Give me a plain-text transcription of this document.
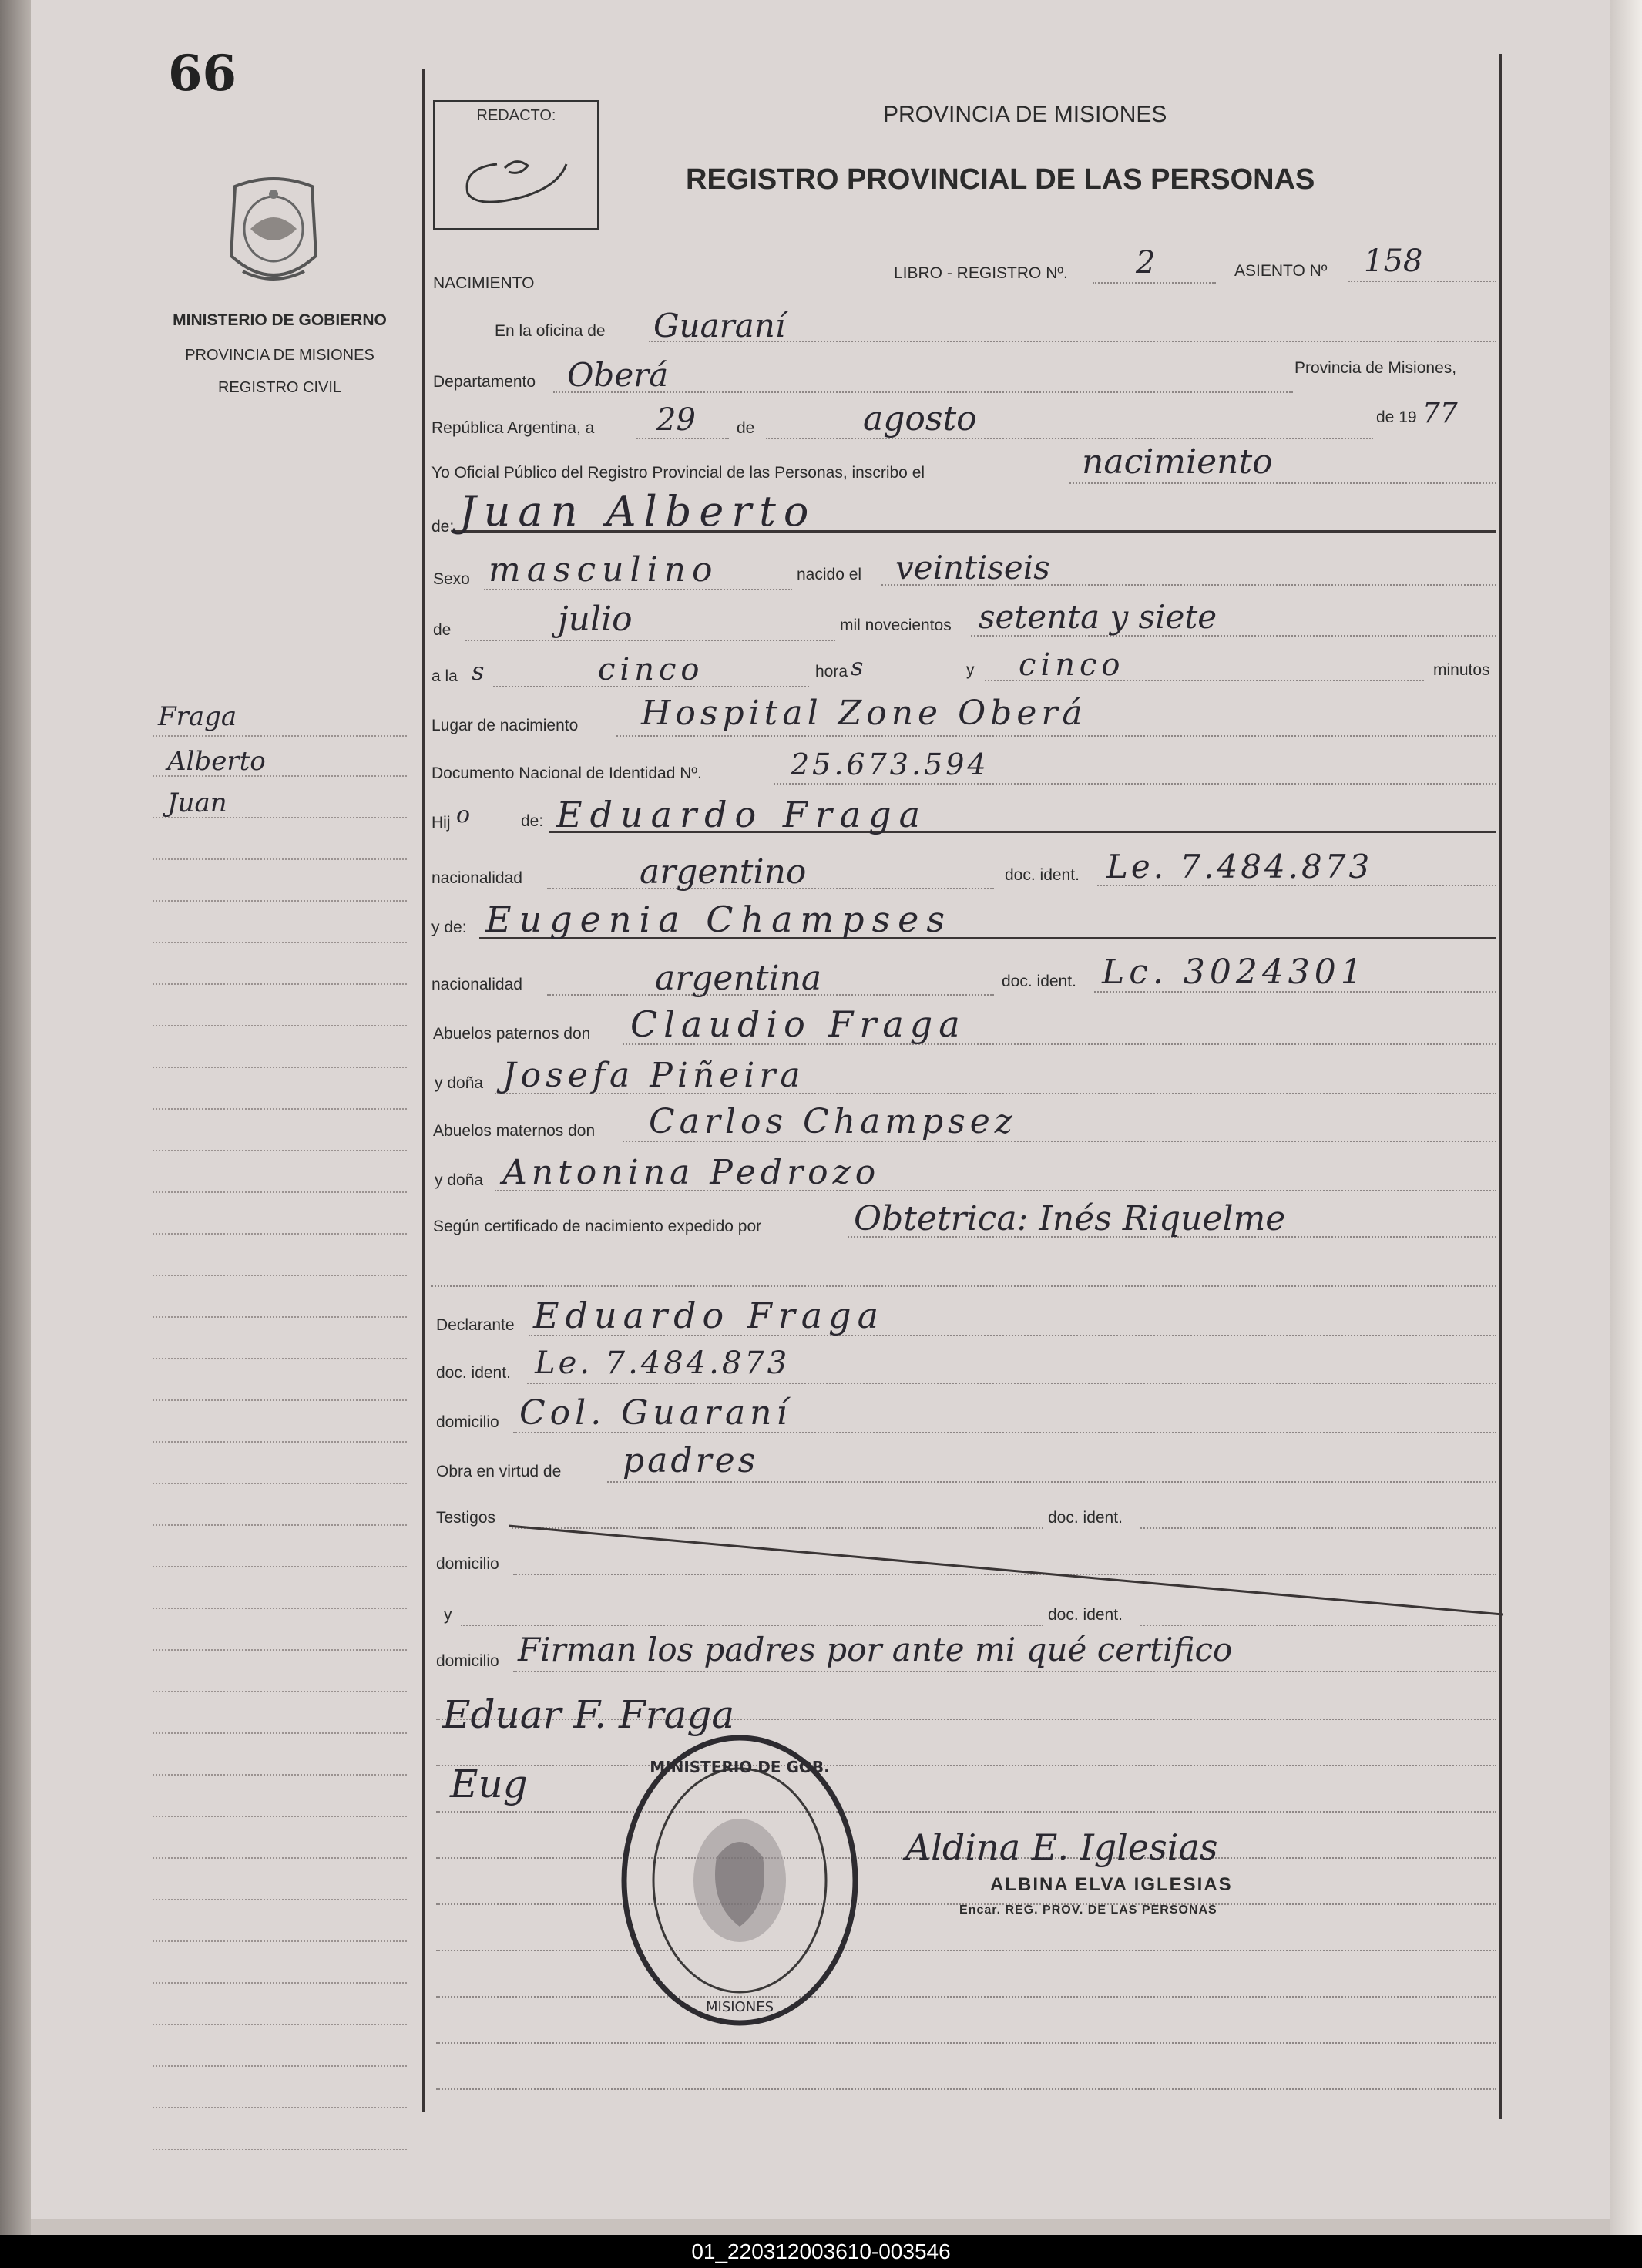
66
MINISTERIO DE GOBIERNO
PROVINCIA DE MISIONES
REGISTRO CIVIL
Fraga
Alberto
Juan
REDACTO:	PROVINCIA DE MISIONES
REGISTRO PROVINCIAL DE LAS PERSONAS
NACIMIENTO
LIBRO - REGISTRO Nº. 2	ASIENTO Nº 158
En la oficina de Guaraní
Departamento Oberá	Provincia de Misiones,
República Argentina, a 29	de	agosto	de 19 77
Yo Oficial Público del Registro Provincial de las Personas, inscribo el	nacimiento
de: Juan Alberto
Sexo masculino	nacido el veintiseis
de	julio	mil novecientos setenta y siete
a la s	cinco	hora s	y cinco	minutos
Lugar de nacimiento Hospital Zone Oberá
Documento Nacional de Identidad Nº.	25.673.594
Hij o	de: Eduardo Fraga
nacionalidad	argentino	doc. ident. Le. 7.484.873
y de: Eugenia Champses
nacionalidad	argentina	doc. ident. Lc. 3024301
Abuelos paternos don Claudio Fraga
y doña Josefa Piñeira
Abuelos maternos don Carlos Champsez
y doña Antonina Pedrozo
Según certificado de nacimiento expedido por	Obtetrica: Inés Riquelme
Declarante Eduardo Fraga
doc. ident. Le. 7.484.873
domicilio Col. Guaraní
Obra en virtud de padres
Testigos	doc. ident.
domicilio
y	doc. ident.
domicilio Firman los padres por ante mi qué certifico
Eduar F. Fraga
Eug	MINISTERIO DE GOB.
MISIONES
Aldina E. Iglesias
ALBINA ELVA IGLESIAS
Encar. REG. PROV. DE LAS PERSONAS
01_220312003610-003546
